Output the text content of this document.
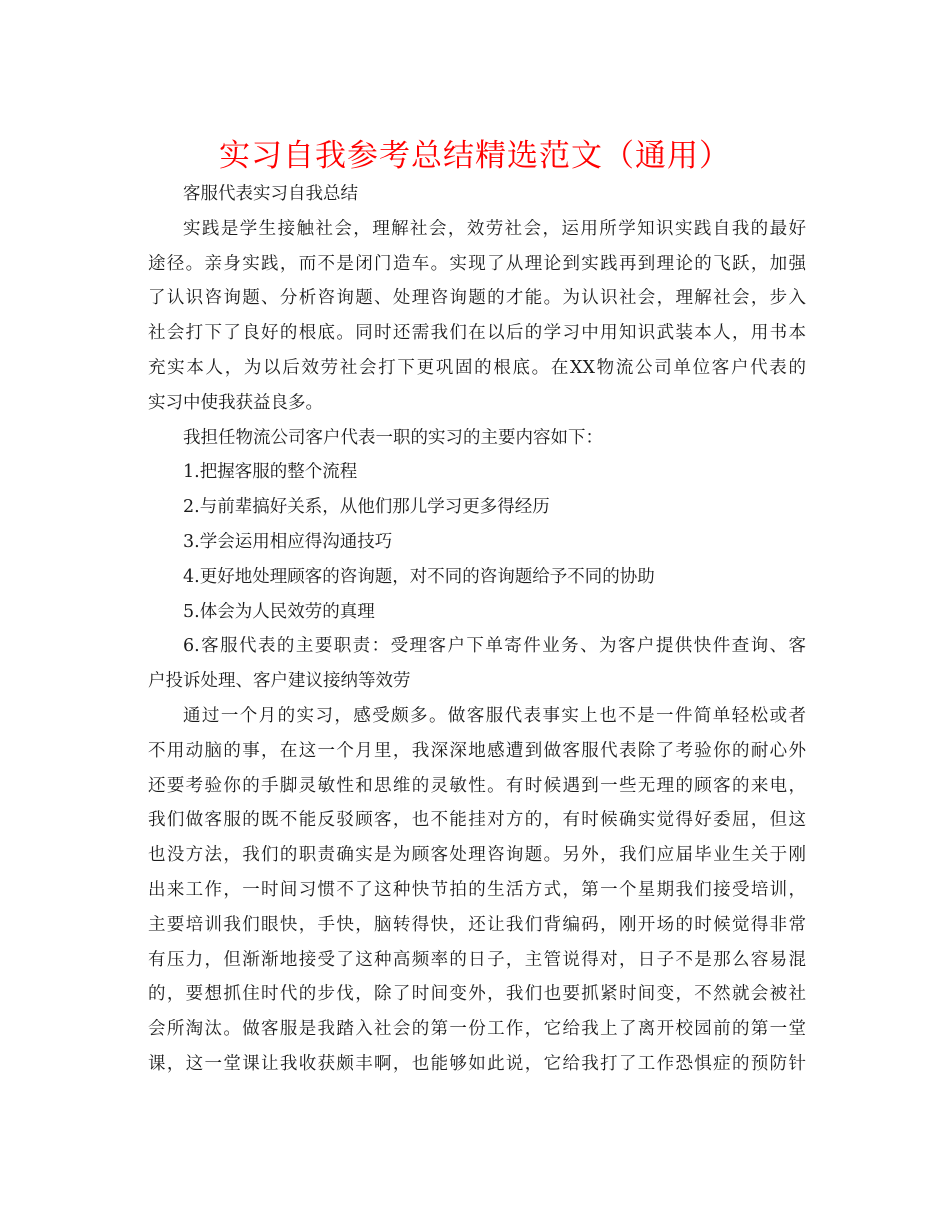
实习自我参考总结精选范文（通用）
客服代表实习自我总结
实践是学生接触社会，理解社会，效劳社会，运用所学知识实践自我的最好
途径。亲身实践，而不是闭门造车。实现了从理论到实践再到理论的飞跃，加强
了认识咨询题、分析咨询题、处理咨询题的才能。为认识社会，理解社会，步入
社会打下了良好的根底。同时还需我们在以后的学习中用知识武装本人，用书本
充实本人，为以后效劳社会打下更巩固的根底。在XX物流公司单位客户代表的
实习中使我获益良多。
我担任物流公司客户代表一职的实习的主要内容如下：
1.把握客服的整个流程
2.与前辈搞好关系，从他们那儿学习更多得经历
3.学会运用相应得沟通技巧
4.更好地处理顾客的咨询题，对不同的咨询题给予不同的协助
5.体会为人民效劳的真理
6.客服代表的主要职责：受理客户下单寄件业务、为客户提供快件查询、客
户投诉处理、客户建议接纳等效劳
通过一个月的实习，感受颇多。做客服代表事实上也不是一件简单轻松或者
不用动脑的事，在这一个月里，我深深地感遭到做客服代表除了考验你的耐心外
还要考验你的手脚灵敏性和思维的灵敏性。有时候遇到一些无理的顾客的来电，
我们做客服的既不能反驳顾客，也不能挂对方的，有时候确实觉得好委屈，但这
也没方法，我们的职责确实是为顾客处理咨询题。另外，我们应届毕业生关于刚
出来工作，一时间习惯不了这种快节拍的生活方式，第一个星期我们接受培训，
主要培训我们眼快，手快，脑转得快，还让我们背编码，刚开场的时候觉得非常
有压力，但渐渐地接受了这种高频率的日子，主管说得对，日子不是那么容易混
的，要想抓住时代的步伐，除了时间变外，我们也要抓紧时间变，不然就会被社
会所淘汰。做客服是我踏入社会的第一份工作，它给我上了离开校园前的第一堂
课，这一堂课让我收获颇丰啊，也能够如此说，它给我打了工作恐惧症的预防针
